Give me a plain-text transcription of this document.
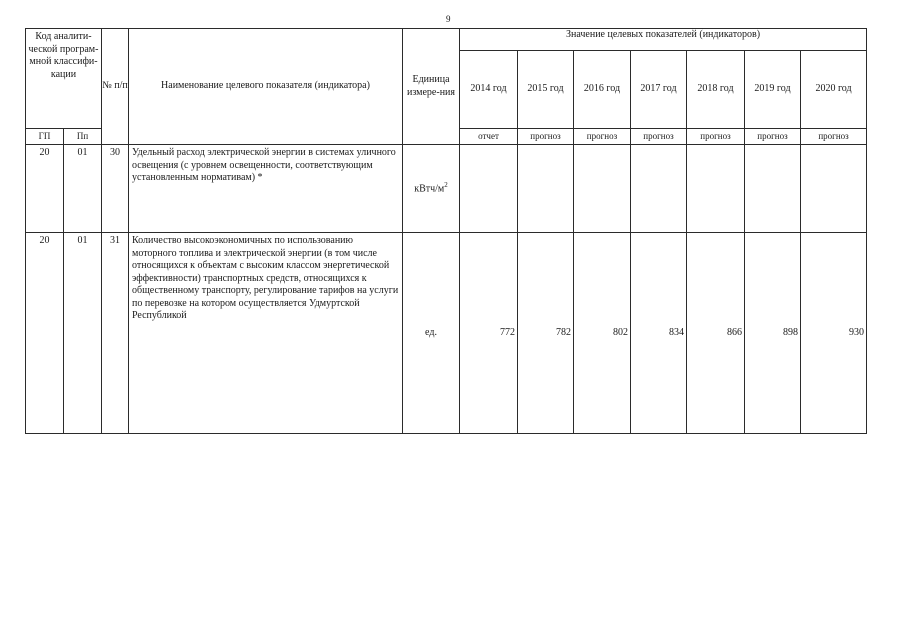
9
Код аналити-ческой програм-мной классифи-кации		№ п/п	Наименование целевого показателя (индикатора)	Единица измере-ния	Значение целевых показателей (индикаторов)						
					2014 год	2015 год	2016 год	2017 год	2018 год	2019 год	2020 год
ГП	Пп				отчет	прогноз	прогноз	прогноз	прогноз	прогноз	прогноз
20	01	30	Удельный расход электрической энергии в системах уличного освещения (с уровнем освещенности, соответствующим установленным нормативам) *	кВтч/$м^2$							
20	01	31	Количество высокоэкономичных по использованию моторного топлива и электрической энергии (в том числе относящихся к объектам с высоким классом энергетической эффективности) транспортных средств, относящихся к общественному транспорту, регулирование тарифов на услуги по перевозке на котором осуществляется Удмуртской Республикой	ед.	772	782	802	834	866	898	930
